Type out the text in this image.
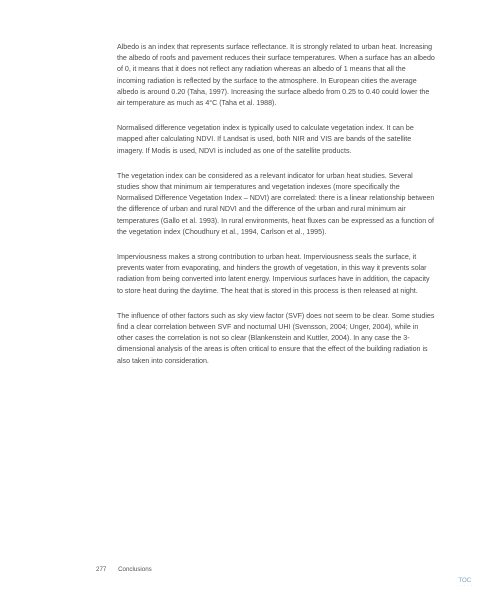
Albedo is an index that represents surface reflectance. It is strongly related to urban heat. Increasing the albedo of roofs and pavement reduces their surface temperatures. When a surface has an albedo of 0, it means that it does not reflect any radiation whereas an albedo of 1 means that all the incoming radiation is reflected by the surface to the atmosphere. In European cities the average albedo is around 0.20 (Taha, 1997). Increasing the surface albedo from 0.25 to 0.40 could lower the air temperature as much as 4°C (Taha et al. 1988).

Normalised difference vegetation index is typically used to calculate vegetation index. It can be mapped after calculating NDVI. If Landsat is used, both NIR and VIS are bands of the satellite imagery. If Modis is used, NDVI is included as one of the satellite products.

The vegetation index can be considered as a relevant indicator for urban heat studies. Several studies show that minimum air temperatures and vegetation indexes (more specifically the Normalised Difference Vegetation Index – NDVI) are correlated: there is a linear relationship between the difference of urban and rural NDVI and the difference of the urban and rural minimum air temperatures (Gallo et al. 1993). In rural environments, heat fluxes can be expressed as a function of the vegetation index (Choudhury et al., 1994, Carlson et al., 1995).

Imperviousness makes a strong contribution to urban heat. Imperviousness seals the surface, it prevents water from evaporating, and hinders the growth of vegetation, in this way it prevents solar radiation from being converted into latent energy. Impervious surfaces have in addition, the capacity to store heat during the daytime. The heat that is stored in this process is then released at night.

The influence of other factors such as sky view factor (SVF) does not seem to be clear. Some studies find a clear correlation between SVF and nocturnal UHI (Svensson, 2004; Unger, 2004), while in other cases the correlation is not so clear (Blankenstein and Kuttler, 2004). In any case the 3-dimensional analysis of the areas is often critical to ensure that the effect of the building radiation is also taken into consideration.

277 Conclusions
TOC
· · · · ·
